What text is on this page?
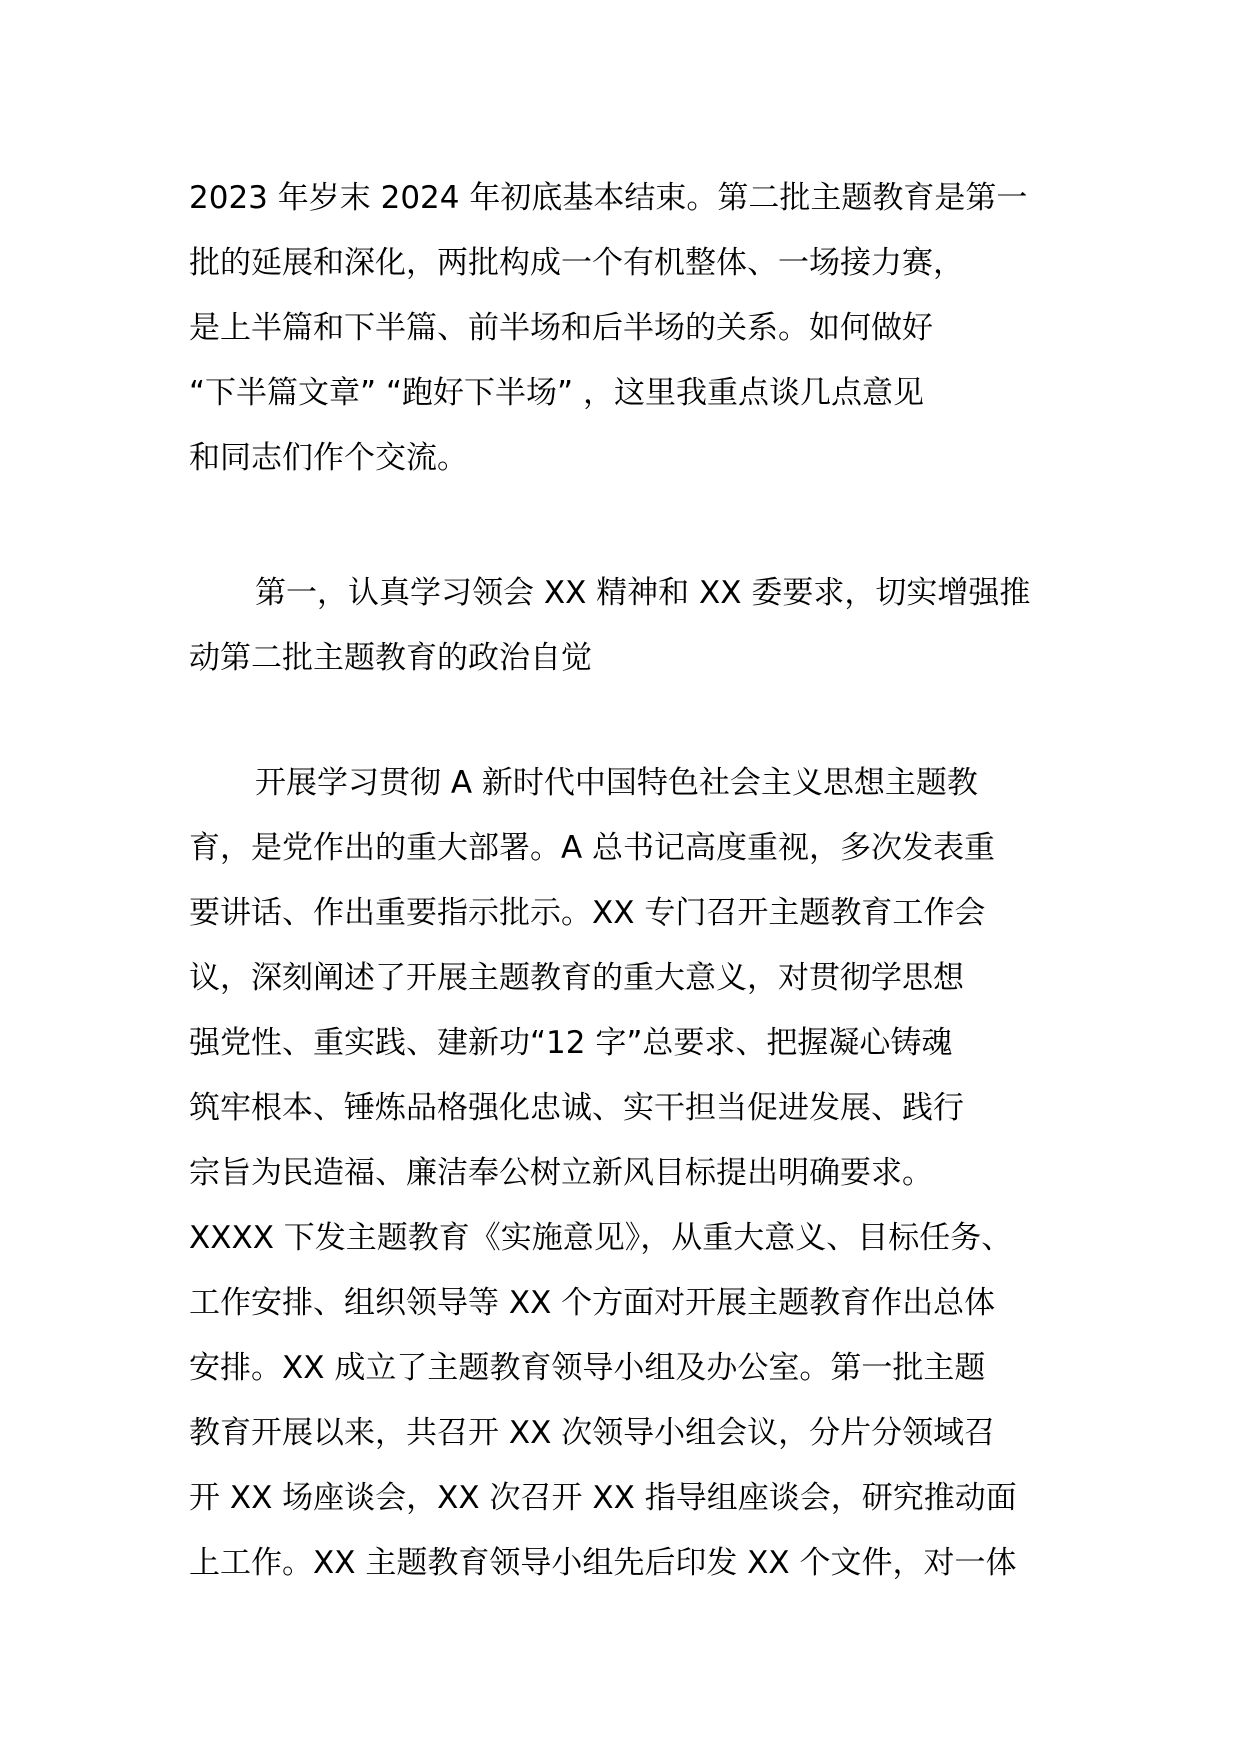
2023 年岁末 2024 年初底基本结束。第二批主题教育是第一
批的延展和深化，两批构成一个有机整体、一场接力赛，
是上半篇和下半篇、前半场和后半场的关系。如何做好
“下半篇文章” “跑好下半场” ，这里我重点谈几点意见
和同志们作个交流。
第一，认真学习领会 XX 精神和 XX 委要求，切实增强推
动第二批主题教育的政治自觉
开展学习贯彻 A 新时代中国特色社会主义思想主题教
育，是党作出的重大部署。A 总书记高度重视，多次发表重
要讲话、作出重要指示批示。XX 专门召开主题教育工作会
议，深刻阐述了开展主题教育的重大意义，对贯彻学思想
强党性、重实践、建新功“12 字”总要求、把握凝心铸魂
筑牢根本、锤炼品格强化忠诚、实干担当促进发展、践行
宗旨为民造福、廉洁奉公树立新风目标提出明确要求。
XXXX 下发主题教育《实施意见》，从重大意义、目标任务、
工作安排、组织领导等 XX 个方面对开展主题教育作出总体
安排。XX 成立了主题教育领导小组及办公室。第一批主题
教育开展以来，共召开 XX 次领导小组会议，分片分领域召
开 XX 场座谈会，XX 次召开 XX 指导组座谈会，研究推动面
上工作。XX 主题教育领导小组先后印发 XX 个文件，对一体
